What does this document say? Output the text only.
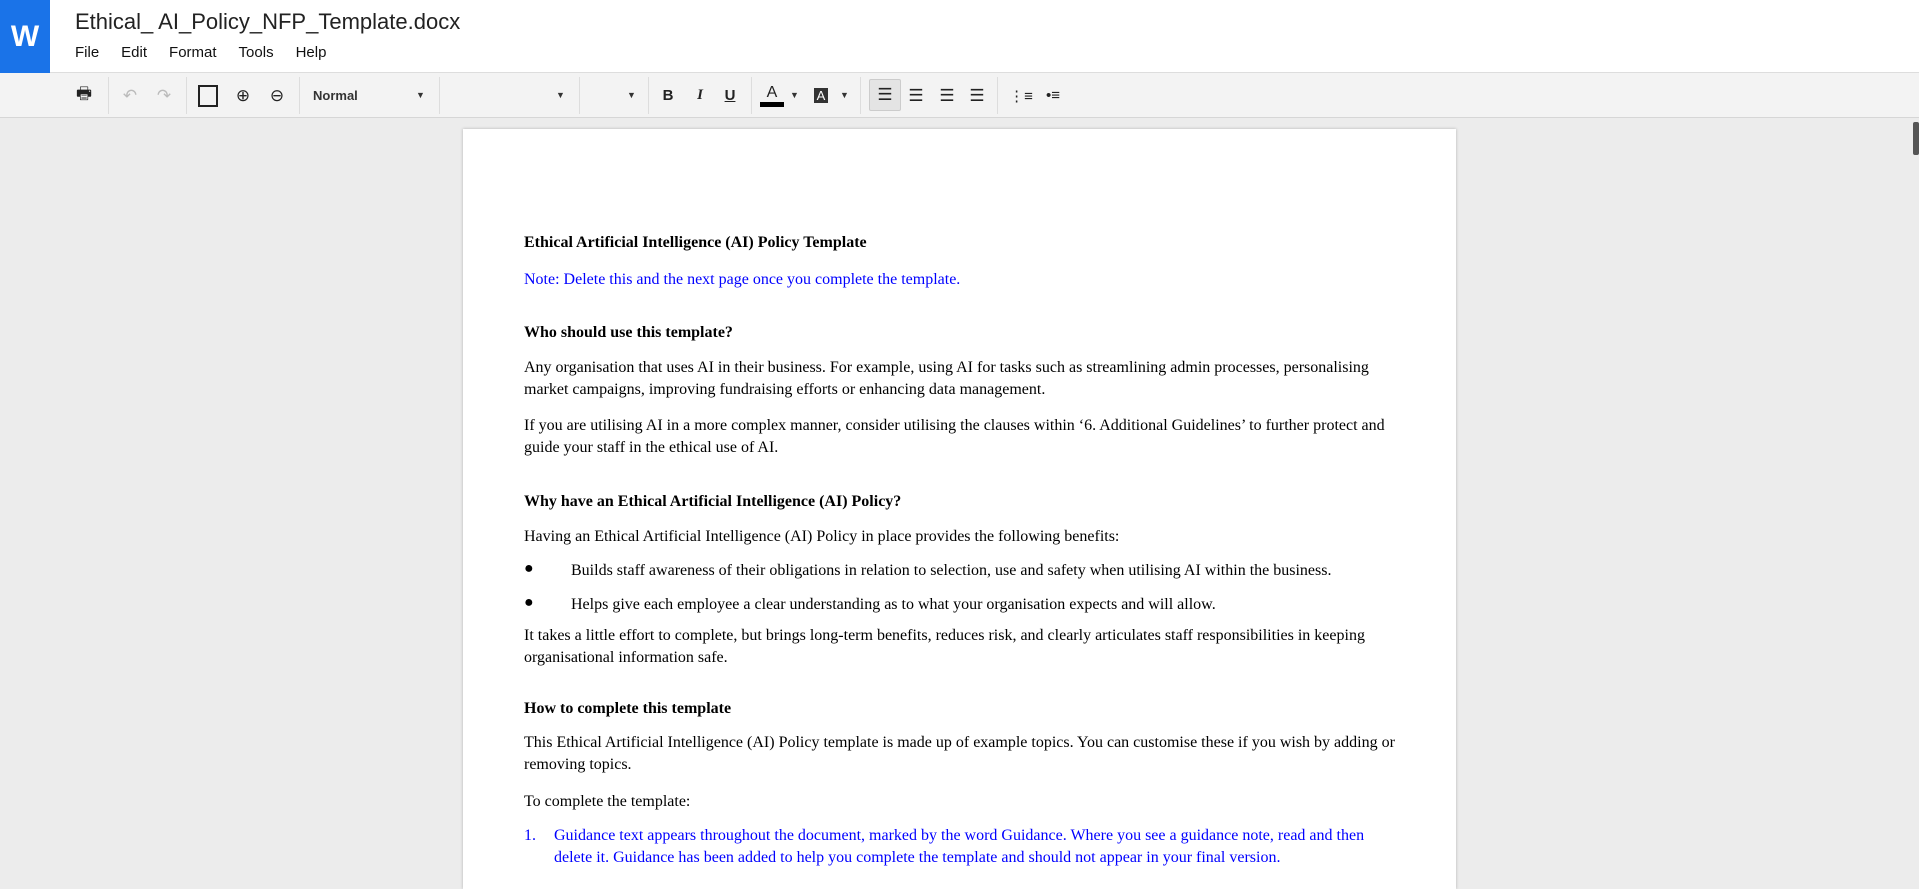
W	Ethical_ AI_Policy_NFP_Template.docx
File Edit Format Tools Help
🖶 ↶ ↷	⊕	⊖	Normal	▼	▼	▼	B	I	U	A ▼ A	▼	☰ ☰ ☰ ☰	⋮≡ •≡
Ethical Artificial Intelligence (AI) Policy Template
Note: Delete this and the next page once you complete the template.
Who should use this template?
Any organisation that uses AI in their business. For example, using AI for tasks such as streamlining admin processes, personalising market campaigns, improving fundraising efforts or enhancing data management.
If you are utilising AI in a more complex manner, consider utilising the clauses within ‘6. Additional Guidelines’ to further protect and guide your staff in the ethical use of AI.
Why have an Ethical Artificial Intelligence (AI) Policy?
Having an Ethical Artificial Intelligence (AI) Policy in place provides the following benefits:
● Builds staff awareness of their obligations in relation to selection, use and safety when utilising AI within the business.
● Helps give each employee a clear understanding as to what your organisation expects and will allow.
It takes a little effort to complete, but brings long-term benefits, reduces risk, and clearly articulates staff responsibilities in keeping organisational information safe.
How to complete this template
This Ethical Artificial Intelligence (AI) Policy template is made up of example topics. You can customise these if you wish by adding or removing topics.
To complete the template:
1.	Guidance text appears throughout the document, marked by the word Guidance. Where you see a guidance note, read and then delete it. Guidance has been added to help you complete the template and should not appear in your final version.
